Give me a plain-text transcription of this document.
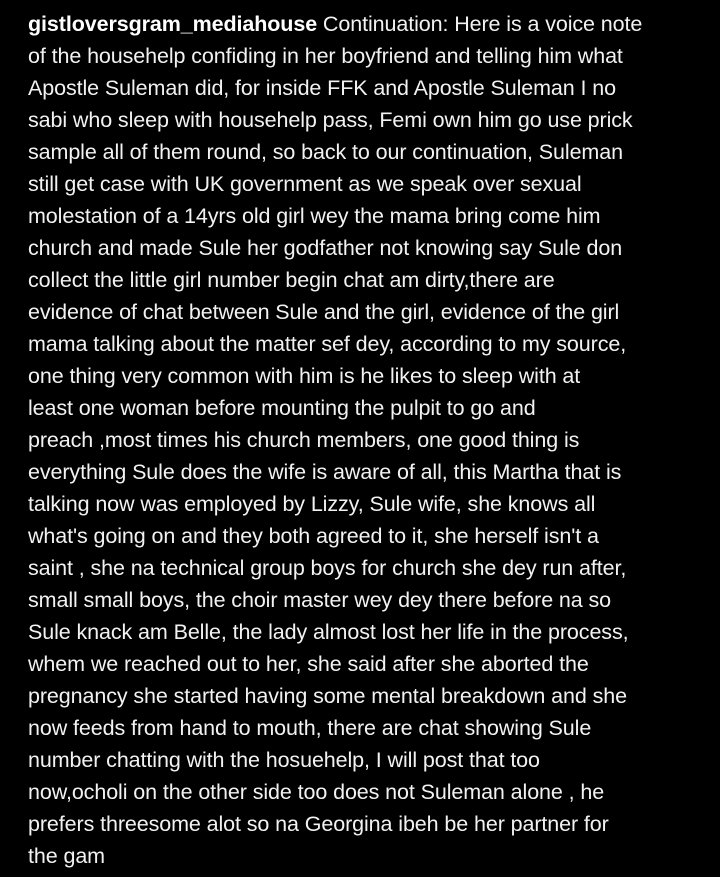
gistloversgram_mediahouse Continuation: Here is a voice note
of the househelp confiding in her boyfriend and telling him what
Apostle Suleman did, for inside FFK and Apostle Suleman I no
sabi who sleep with househelp pass, Femi own him go use prick
sample all of them round, so back to our continuation, Suleman
still get case with UK government as we speak over sexual
molestation of a 14yrs old girl wey the mama bring come him
church and made Sule her godfather not knowing say Sule don
collect the little girl number begin chat am dirty,there are
evidence of chat between Sule and the girl, evidence of the girl
mama talking about the matter sef dey, according to my source,
one thing very common with him is he likes to sleep with at
least one woman before mounting the pulpit to go and
preach ,most times his church members, one good thing is
everything Sule does the wife is aware of all, this Martha that is
talking now was employed by Lizzy, Sule wife, she knows all
what's going on and they both agreed to it, she herself isn't a
saint , she na technical group boys for church she dey run after,
small small boys, the choir master wey dey there before na so
Sule knack am Belle, the lady almost lost her life in the process,
whem we reached out to her, she said after she aborted the
pregnancy she started having some mental breakdown and she
now feeds from hand to mouth, there are chat showing Sule
number chatting with the hosuehelp, I will post that too
now,ocholi on the other side too does not Suleman alone , he
prefers threesome alot so na Georgina ibeh be her partner for
the gam
